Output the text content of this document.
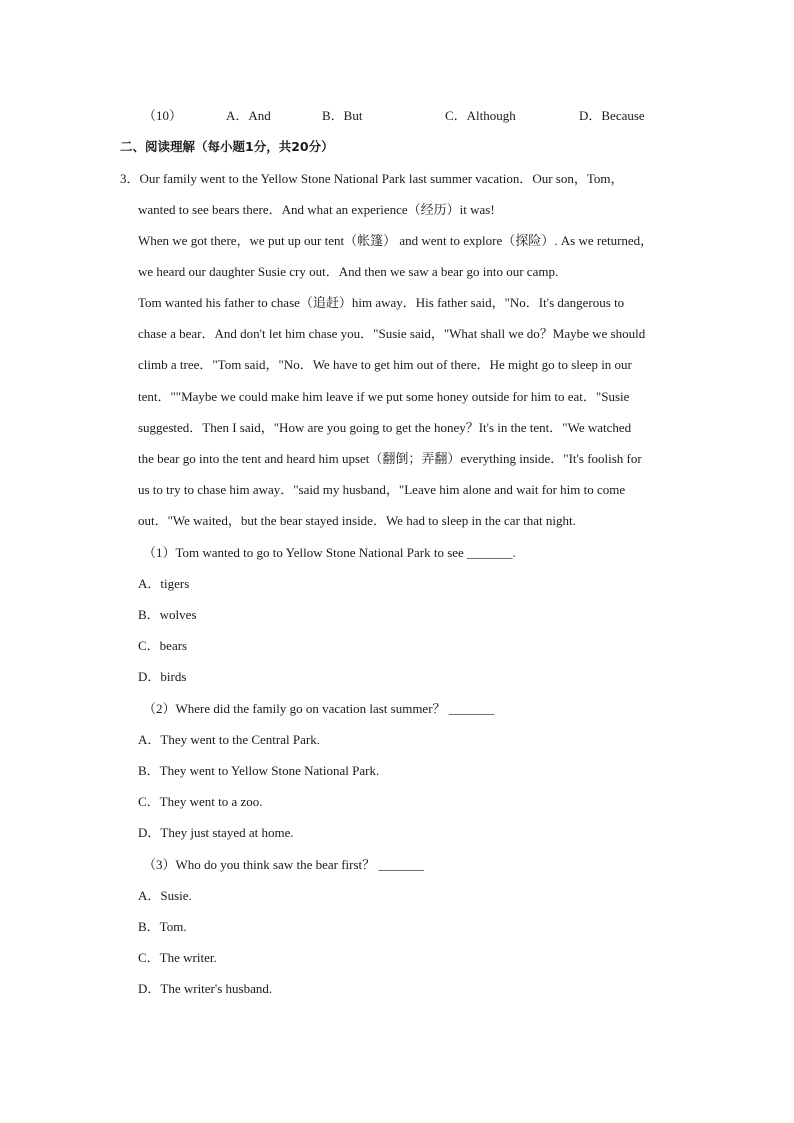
（10）	A．And	B．But	C．Although	D．Because
二、阅读理解（每小题1分，共20分）
3．Our family went to the Yellow Stone National Park last summer vacation．Our son，Tom，
wanted to see bears there．And what an experience（经历）it was!
When we got there，we put up our tent（帐篷） and went to explore（探险）. As we returned，
we heard our daughter Susie cry out．And then we saw a bear go into our camp.
Tom wanted his father to chase（追赶）him away．His father said，"No．It's dangerous to
chase a bear．And don't let him chase you．"Susie said，"What shall we do？Maybe we should
climb a tree．"Tom said，"No．We have to get him out of there．He might go to sleep in our
tent．""Maybe we could make him leave if we put some honey outside for him to eat．"Susie
suggested．Then I said，"How are you going to get the honey？It's in the tent．"We watched
the bear go into the tent and heard him upset（翻倒；弄翻）everything inside．"It's foolish for
us to try to chase him away．"said my husband，"Leave him alone and wait for him to come
out．"We waited，but the bear stayed inside．We had to sleep in the car that night.
（1）Tom wanted to go to Yellow Stone National Park to see _______.
A．tigers
B．wolves
C．bears
D．birds
（2）Where did the family go on vacation last summer？ _______
A．They went to the Central Park.
B．They went to Yellow Stone National Park.
C．They went to a zoo.
D．They just stayed at home.
（3）Who do you think saw the bear first？ _______
A．Susie.
B．Tom.
C．The writer.
D．The writer's husband.
